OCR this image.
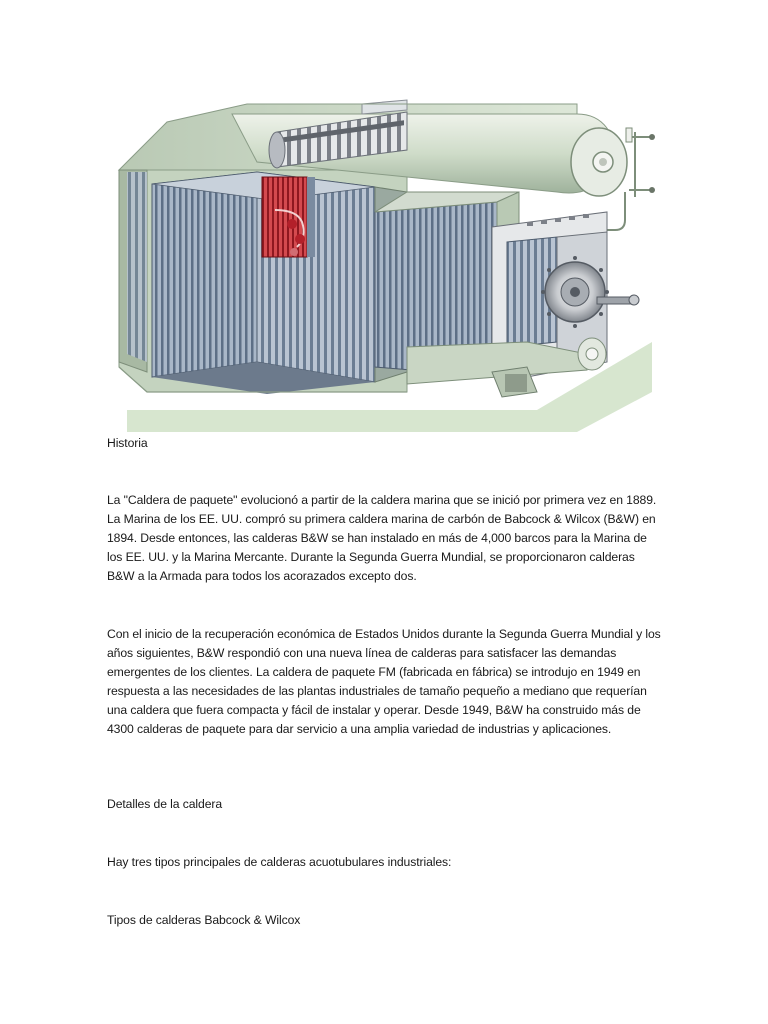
Historia

La "Caldera de paquete" evolucionó a partir de la caldera marina que se inició por primera vez en 1889. La Marina de los EE. UU. compró su primera caldera marina de carbón de Babcock & Wilcox (B&W) en 1894. Desde entonces, las calderas B&W se han instalado en más de 4,000 barcos para la Marina de los EE. UU. y la Marina Mercante. Durante la Segunda Guerra Mundial, se proporcionaron calderas B&W a la Armada para todos los acorazados excepto dos.

Con el inicio de la recuperación económica de Estados Unidos durante la Segunda Guerra Mundial y los años siguientes, B&W respondió con una nueva línea de calderas para satisfacer las demandas emergentes de los clientes. La caldera de paquete FM (fabricada en fábrica) se introdujo en 1949 en respuesta a las necesidades de las plantas industriales de tamaño pequeño a mediano que requerían una caldera que fuera compacta y fácil de instalar y operar. Desde 1949, B&W ha construido más de 4300 calderas de paquete para dar servicio a una amplia variedad de industrias y aplicaciones.

Detalles de la caldera

Hay tres tipos principales de calderas acuotubulares industriales:

Tipos de calderas Babcock & Wilcox
